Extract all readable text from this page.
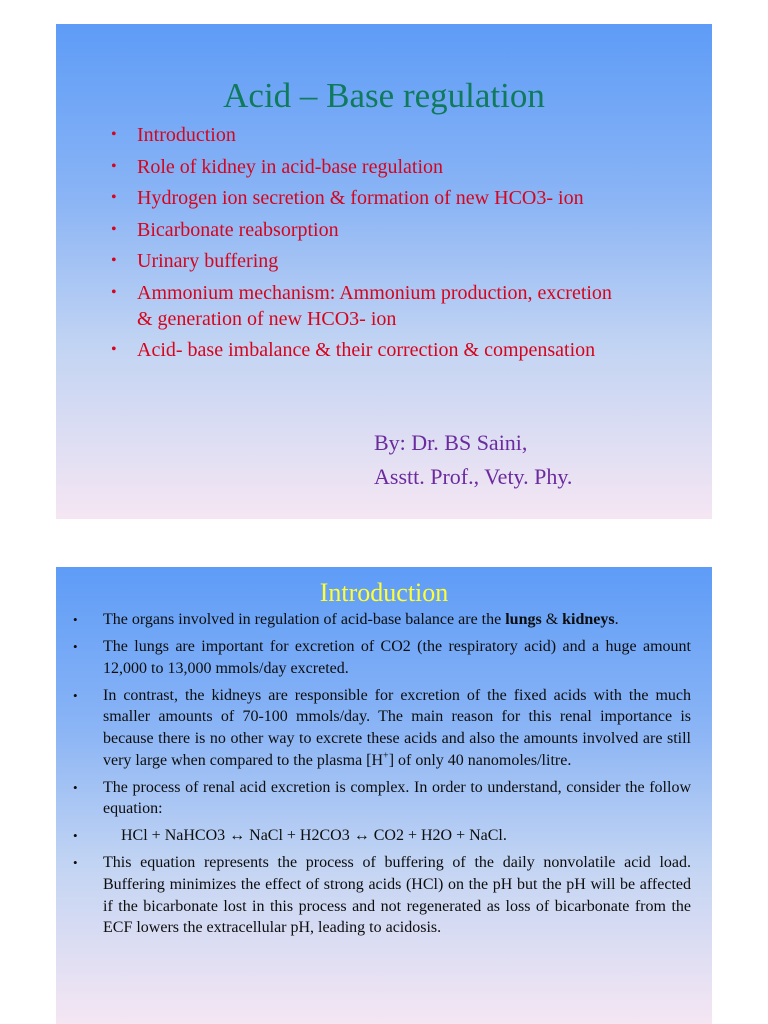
Acid – Base regulation
• Introduction
• Role of kidney in acid-base regulation
• Hydrogen ion secretion & formation of new HCO3- ion
• Bicarbonate reabsorption
• Urinary buffering
• Ammonium mechanism: Ammonium production, excretion & generation of new HCO3- ion
• Acid- base imbalance & their correction & compensation
By: Dr. BS Saini,
Asstt. Prof., Vety. Phy.
Introduction
• The organs involved in regulation of acid-base balance are the lungs & kidneys.
• The lungs are important for excretion of CO2 (the respiratory acid) and a huge amount 12,000 to 13,000 mmols/day excreted.
• In contrast, the kidneys are responsible for excretion of the fixed acids with the much smaller amounts of 70-100 mmols/day. The main reason for this renal importance is because there is no other way to excrete these acids and also the amounts involved are still very large when compared to the plasma [H+] of only 40 nanomoles/litre.
• The process of renal acid excretion is complex. In order to understand, consider the follow equation:
•	HCl + NaHCO3 ↔ NaCl + H2CO3 ↔ CO2 + H2O + NaCl.
• This equation represents the process of buffering of the daily nonvolatile acid load. Buffering minimizes the effect of strong acids (HCl) on the pH but the pH will be affected if the bicarbonate lost in this process and not regenerated as loss of bicarbonate from the ECF lowers the extracellular pH, leading to acidosis.
